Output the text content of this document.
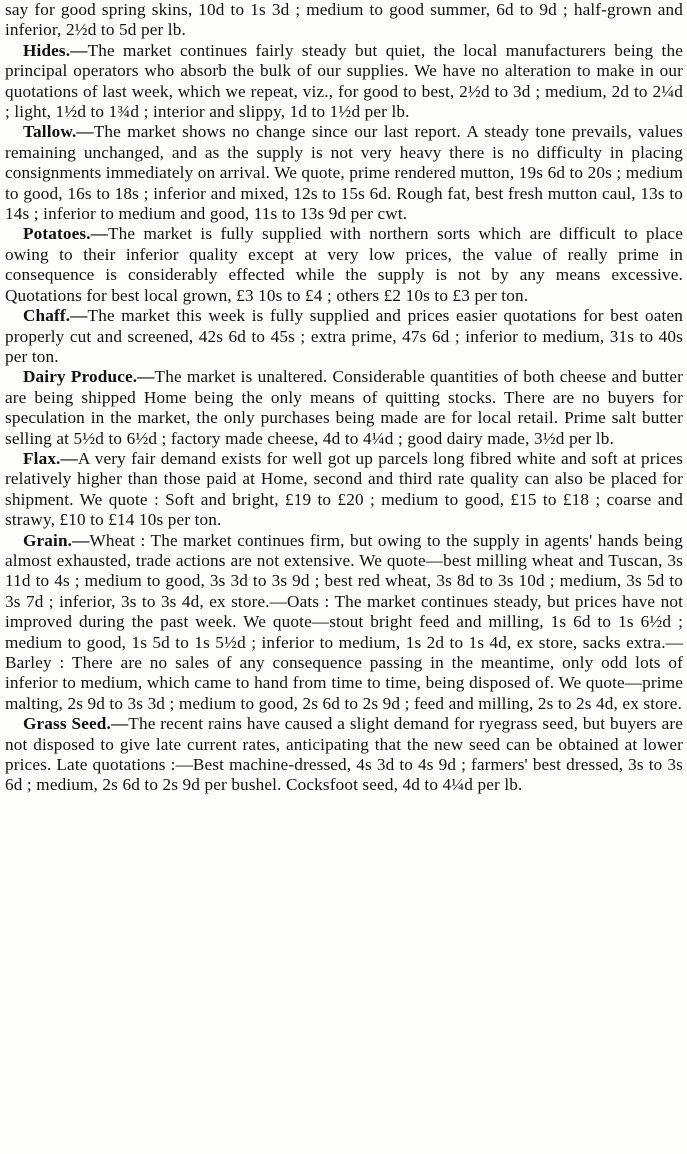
say for good spring skins, 10d to 1s 3d ; medium to good summer, 6d to 9d ; half-grown and inferior, 2½d to 5d per lb.

Hides.—The market continues fairly steady but quiet, the local manufacturers being the principal operators who absorb the bulk of our supplies. We have no alteration to make in our quotations of last week, which we repeat, viz., for good to best, 2½d to 3d ; medium, 2d to 2¼d ; light, 1½d to 1¾d ; interior and slippy, 1d to 1½d per lb.

Tallow.—The market shows no change since our last report. A steady tone prevails, values remaining unchanged, and as the supply is not very heavy there is no difficulty in placing consignments immediately on arrival. We quote, prime rendered mutton, 19s 6d to 20s ; medium to good, 16s to 18s ; inferior and mixed, 12s to 15s 6d. Rough fat, best fresh mutton caul, 13s to 14s ; inferior to medium and good, 11s to 13s 9d per cwt.

Potatoes.—The market is fully supplied with northern sorts which are difficult to place owing to their inferior quality except at very low prices, the value of really prime in consequence is considerably effected while the supply is not by any means excessive. Quotations for best local grown, £3 10s to £4 ; others £2 10s to £3 per ton.

Chaff.—The market this week is fully supplied and prices easier quotations for best oaten properly cut and screened, 42s 6d to 45s ; extra prime, 47s 6d ; inferior to medium, 31s to 40s per ton.

Dairy Produce.—The market is unaltered. Considerable quantities of both cheese and butter are being shipped Home being the only means of quitting stocks. There are no buyers for speculation in the market, the only purchases being made are for local retail. Prime salt butter selling at 5½d to 6½d ; factory made cheese, 4d to 4¼d ; good dairy made, 3½d per lb.

Flax.—A very fair demand exists for well got up parcels long fibred white and soft at prices relatively higher than those paid at Home, second and third rate quality can also be placed for shipment. We quote : Soft and bright, £19 to £20 ; medium to good, £15 to £18 ; coarse and strawy, £10 to £14 10s per ton.

Grain.—Wheat : The market continues firm, but owing to the supply in agents' hands being almost exhausted, trade actions are not extensive. We quote—best milling wheat and Tuscan, 3s 11d to 4s ; medium to good, 3s 3d to 3s 9d ; best red wheat, 3s 8d to 3s 10d ; medium, 3s 5d to 3s 7d ; inferior, 3s to 3s 4d, ex store.—Oats : The market continues steady, but prices have not improved during the past week. We quote—stout bright feed and milling, 1s 6d to 1s 6½d ; medium to good, 1s 5d to 1s 5½d ; inferior to medium, 1s 2d to 1s 4d, ex store, sacks extra.—Barley : There are no sales of any consequence passing in the meantime, only odd lots of inferior to medium, which came to hand from time to time, being disposed of. We quote—prime malting, 2s 9d to 3s 3d ; medium to good, 2s 6d to 2s 9d ; feed and milling, 2s to 2s 4d, ex store.

Grass Seed.—The recent rains have caused a slight demand for ryegrass seed, but buyers are not disposed to give late current rates, anticipating that the new seed can be obtained at lower prices. Late quotations :—Best machine-dressed, 4s 3d to 4s 9d ; farmers' best dressed, 3s to 3s 6d ; medium, 2s 6d to 2s 9d per bushel. Cocksfoot seed, 4d to 4¼d per lb.
